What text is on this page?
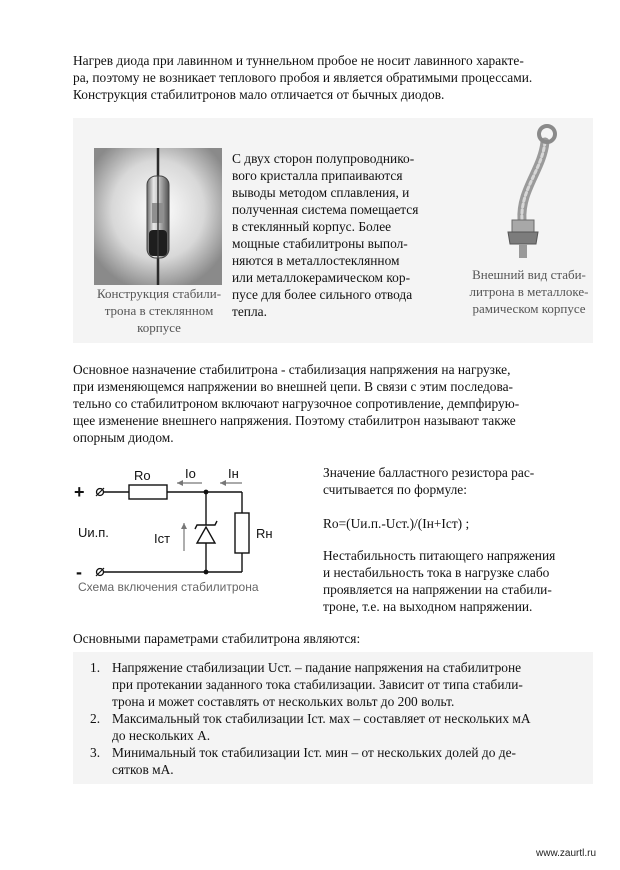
Нагрев диода при лавинном и туннельном пробое не носит лавинного характе-
ра, поэтому не возникает теплового пробоя и является обратимыми процессами.
Конструкция стабилитронов мало отличается от бычных диодов.
Конструкция стабили-
трона в стеклянном
корпусе
С двух сторон полупроводнико-
вого кристалла припаиваются
выводы методом сплавления, и
полученная система помещается
в стеклянный корпус. Более
мощные стабилитроны выпол-
няются в металлостеклянном
или металлокерамическом кор-
пусе для более сильного отвода
тепла.
Внешний вид стаби-
литрона в металлоке-
рамическом корпусе
Основное назначение стабилитрона - стабилизация напряжения на нагрузке,
при изменяющемся напряжении во внешней цепи. В связи с этим последова-
тельно со стабилитроном включают нагрузочное сопротивление, демпфирую-
щее изменение внешнего напряжения. Поэтому стабилитрон называют также
опорным диодом.
Ro	Io Iн
+
-
Uи.п.	Iст	Rн
Схема включения стабилитрона
Значение балластного резистора рас-
считывается по формуле:
Ro=(Uи.п.-Uст.)/(Iн+Iст) ;
Нестабильность питающего напряжения
и нестабильность тока в нагрузке слабо
проявляется на напряжении на стабили-
троне, т.е. на выходном напряжении.
Основными параметрами стабилитрона являются:
1. Напряжение стабилизации Uст. – падание напряжения на стабилитроне
при протекании заданного тока стабилизации. Зависит от типа стабили-
трона и может составлять от нескольких вольт до 200 вольт.
2. Максимальный ток стабилизации Iст. мах – составляет от нескольких мА
до нескольких А.
3. Минимальный ток стабилизации Iст. мин – от нескольких долей до де-
сятков мА.
www.zaurtl.ru
